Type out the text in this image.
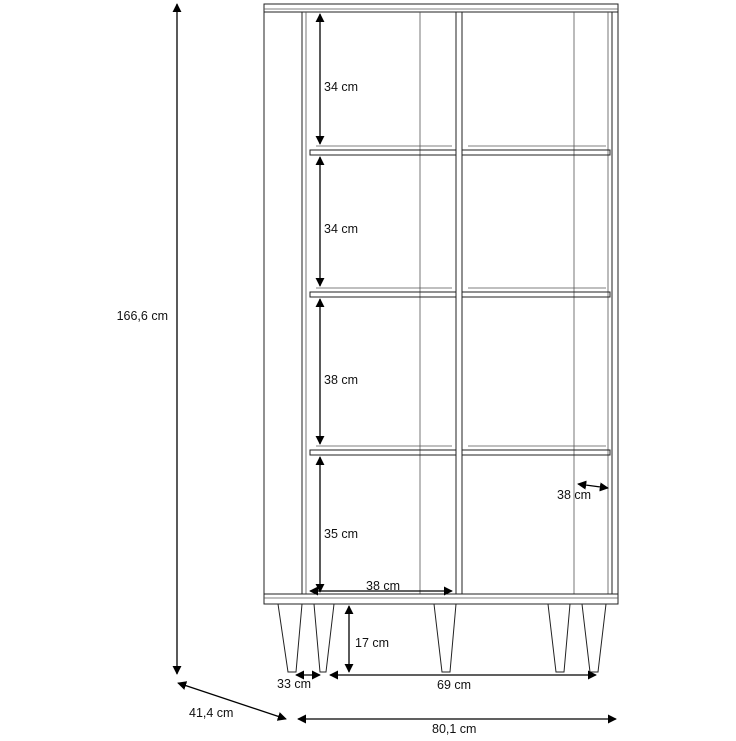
166,6 cm
34 cm
34 cm
38 cm
35 cm
38 cm
38 cm
17 cm
33 cm	69 cm
41,4 cm
80,1 cm
